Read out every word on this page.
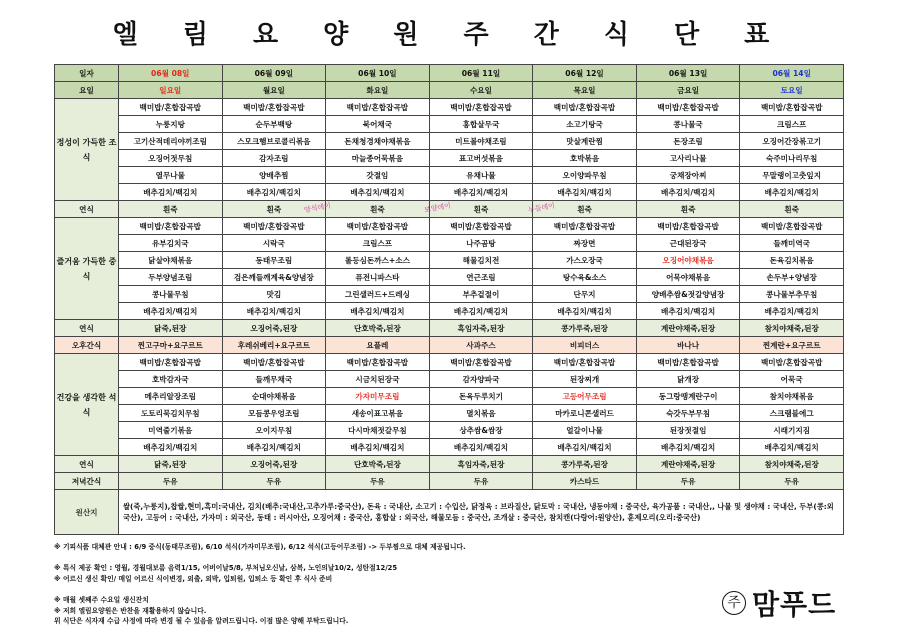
엘 림 요 양 원 주 간 식 단 표
일자	06월 08일	06월 09일	06월 10일	06월 11일	06월 12일	06월 13일	06월 14일
요일	일요일	월요일	화요일	수요일	목요일	금요일	토요일
정성이 가득한 조식	백미밥/혼합잡곡밥	백미밥/혼합잡곡밥	백미밥/혼합잡곡밥	백미밥/혼합잡곡밥	백미밥/혼합잡곡밥	백미밥/혼합잡곡밥	백미밥/혼합잡곡밥
	누룽지탕	순두부백탕	북어채국	홍합살무국	소고기탕국	콩나물국	크림스프
	고기산적데리야끼조림	스모크햄브로콜리볶음	돈채청경채야채볶음	미트볼야채조림	맛살계란찜	돈장조림	오징어간장볶고기
	오징어젓무침	감자조림	마늘종어묵볶음	표고버섯볶음	호박볶음	고사리나물	숙주미나리무침
	열무나물	양배추찜	갓절임	유채나물	오이양파무침	궁채장아찌	무말랭이고춧잎지
	배추김치/백김치	배추김치/백김치	배추김치/백김치	배추김치/백김치	배추김치/백김치	배추김치/백김치	배추김치/백김치
연식	흰죽	흰죽	흰죽	흰죽	흰죽	흰죽	흰죽
즐거움 가득한 중 식	백미밥/혼합잡곡밥	백미밥/혼합잡곡밥	백미밥/혼합잡곡밥	백미밥/혼합잡곡밥	백미밥/혼합잡곡밥	백미밥/혼합잡곡밥	백미밥/혼합잡곡밥
	유부김치국	시락국	크림스프	나주곰탕	짜장면	근대된장국	들깨미역국
	닭살야채볶음	동태무조림	롤등심돈까스+소스	해물김치전	가스오장국	오징어야채볶음	돈육김치볶음
	두부양념조림	검은깨들깨계육&양념장	퓨전니파스타	연근조림	탕수육&소스	어묵야채볶음	손두부+양념장
	콩나물무침	맛김	그린샐러드+드레싱	부추겉절이	단무지	양배추쌈&젓갈양념장	콩나물부추무침
	배추김치/백김치	배추김치/백김치	배추김치/백김치	배추김치/백김치	배추김치/백김치	배추김치/백김치	배추김치/백김치
연식	닭죽,된장	오징어죽,된장	단호박죽,된장	흑임자죽,된장	콩가루죽,된장	계란야채죽,된장	참치야채죽,된장
오후간식	찐고구마+요구르트	후레쉬베리+요구르트	요플레	사과주스	비피더스	바나나	찐계란+요구르트
건강을 생각한 석 식	백미밥/혼합잡곡밥	백미밥/혼합잡곡밥	백미밥/혼합잡곡밥	백미밥/혼합잡곡밥	백미밥/혼합잡곡밥	백미밥/혼합잡곡밥	백미밥/혼합잡곡밥
	호박감자국	들깨무채국	시금치된장국	감자양파국	된장찌개	닭개장	어묵국
	메추리알장조림	순대야채볶음	가자미무조림	돈육두루치기	고등어무조림	동그랑땡계란구이	참치야채볶음
	도토리묵김치무침	모듬콩우엉조림	새송이표고볶음	멸치볶음	마카로니콘샐러드	숙갓두부무침	스크램블에그
	미역줄기볶음	오이지무침	다시마채젓갈무침	상추쌈&쌈장	얼갈이나물	된장젓절임	시래기지짐
	배추김치/백김치	배추김치/백김치	배추김치/백김치	배추김치/백김치	배추김치/백김치	배추김치/백김치	배추김치/백김치
연식	닭죽,된장	오징어죽,된장	단호박죽,된장	흑임자죽,된장	콩가루죽,된장	계란야채죽,된장	참치야채죽,된장
저녁간식	두유	두유	두유	두유	카스타드	두유	두유
원산지	쌀(죽,누룽지),찹쌀,현미,흑미:국내산, 김치(배추:국내산,고추가루:중국산), 돈육 : 국내산, 소고기 : 수입산, 닭정육 : 브라질산, 닭토막 : 국내산, 냉동야채 : 중국산, 육가공품 : 국내산,, 나물 및 생야채 : 국내산, 두부(콩:외국산), 고등어 : 국내산, 가자미 : 외국산, 동태 : 러시아산, 오징어채 : 중국산, 홍합살 : 외국산, 해물모듬 : 중국산, 조개살 : 중국산, 참치캔(다랑어:원양산), 훈제오리(오리:중국산)						
양식데이	보양데이	누들데이
※ 기피식품 대체관 안내 : 6/9 중식(동태무조림), 6/10 석식(가자미무조림), 6/12 석식(고등어무조림) -> 두부찜으로 대체 제공됩니다.

※ 특식 제공 확인 : 영월, 경월대보름 음력1/15, 어버이날5/8, 부처님오신날, 삼복, 노인의날10/2, 성탄절12/25
※ 어르신 생신 확인/ 매일 어르신 식이변경, 외출, 외박, 입퇴원, 입퇴소 등 확인 후 식사 준비

※ 매월 셋째주 수요일 생신잔치
※ 저희 엘림요양원은 반찬을 재활용하지 않습니다.
위 식단은 식자재 수급 사정에 따라 변경 될 수 있음을 알려드립니다. 이점 많은 양해 부탁드립니다.
주 맘푸드
